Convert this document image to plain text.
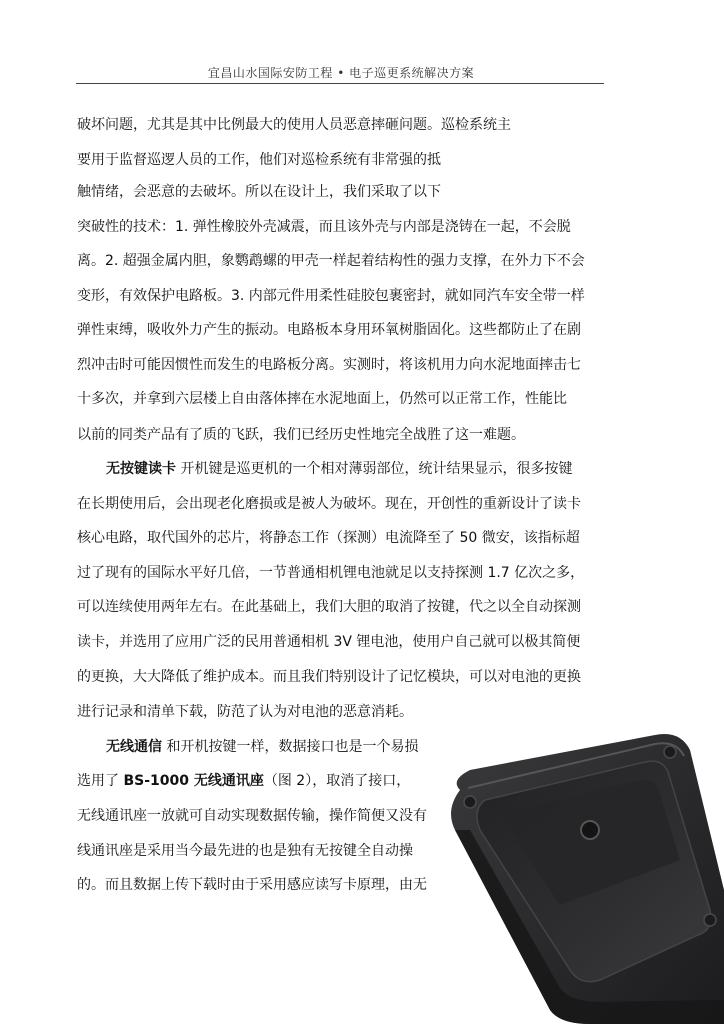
宜昌山水国际安防工程 • 电子巡更系统解决方案
破坏问题，尤其是其中比例最大的使用人员恶意摔砸问题。巡检系统主
要用于监督巡逻人员的工作，他们对巡检系统有非常强的抵
触情绪，会恶意的去破坏。所以在设计上，我们采取了以下
突破性的技术：1. 弹性橡胶外壳减震，而且该外壳与内部是浇铸在一起，不会脱
离。2. 超强金属内胆，象鹦鹉螺的甲壳一样起着结构性的强力支撑，在外力下不会
变形，有效保护电路板。3. 内部元件用柔性硅胶包裹密封，就如同汽车安全带一样
弹性束缚，吸收外力产生的振动。电路板本身用环氧树脂固化。这些都防止了在剧
烈冲击时可能因惯性而发生的电路板分离。实测时，将该机用力向水泥地面摔击七
十多次，并拿到六层楼上自由落体摔在水泥地面上，仍然可以正常工作，性能比
以前的同类产品有了质的飞跃，我们已经历史性地完全战胜了这一难题。
无按键读卡 开机键是巡更机的一个相对薄弱部位，统计结果显示，很多按键
在长期使用后，会出现老化磨损或是被人为破坏。现在，开创性的重新设计了读卡
核心电路，取代国外的芯片，将静态工作（探测）电流降至了 50 微安，该指标超
过了现有的国际水平好几倍，一节普通相机锂电池就足以支持探测 1.7 亿次之多，
可以连续使用两年左右。在此基础上，我们大胆的取消了按键，代之以全自动探测
读卡，并选用了应用广泛的民用普通相机 3V 锂电池，使用户自己就可以极其简便
的更换，大大降低了维护成本。而且我们特别设计了记忆模块，可以对电池的更换
进行记录和清单下载，防范了认为对电池的恶意消耗。
无线通信 和开机按键一样，数据接口也是一个易损
选用了 BS-1000 无线通讯座（图 2），取消了接口，
无线通讯座一放就可自动实现数据传输，操作简便又没有
线通讯座是采用当今最先进的也是独有无按键全自动操
的。而且数据上传下载时由于采用感应读写卡原理，由无
